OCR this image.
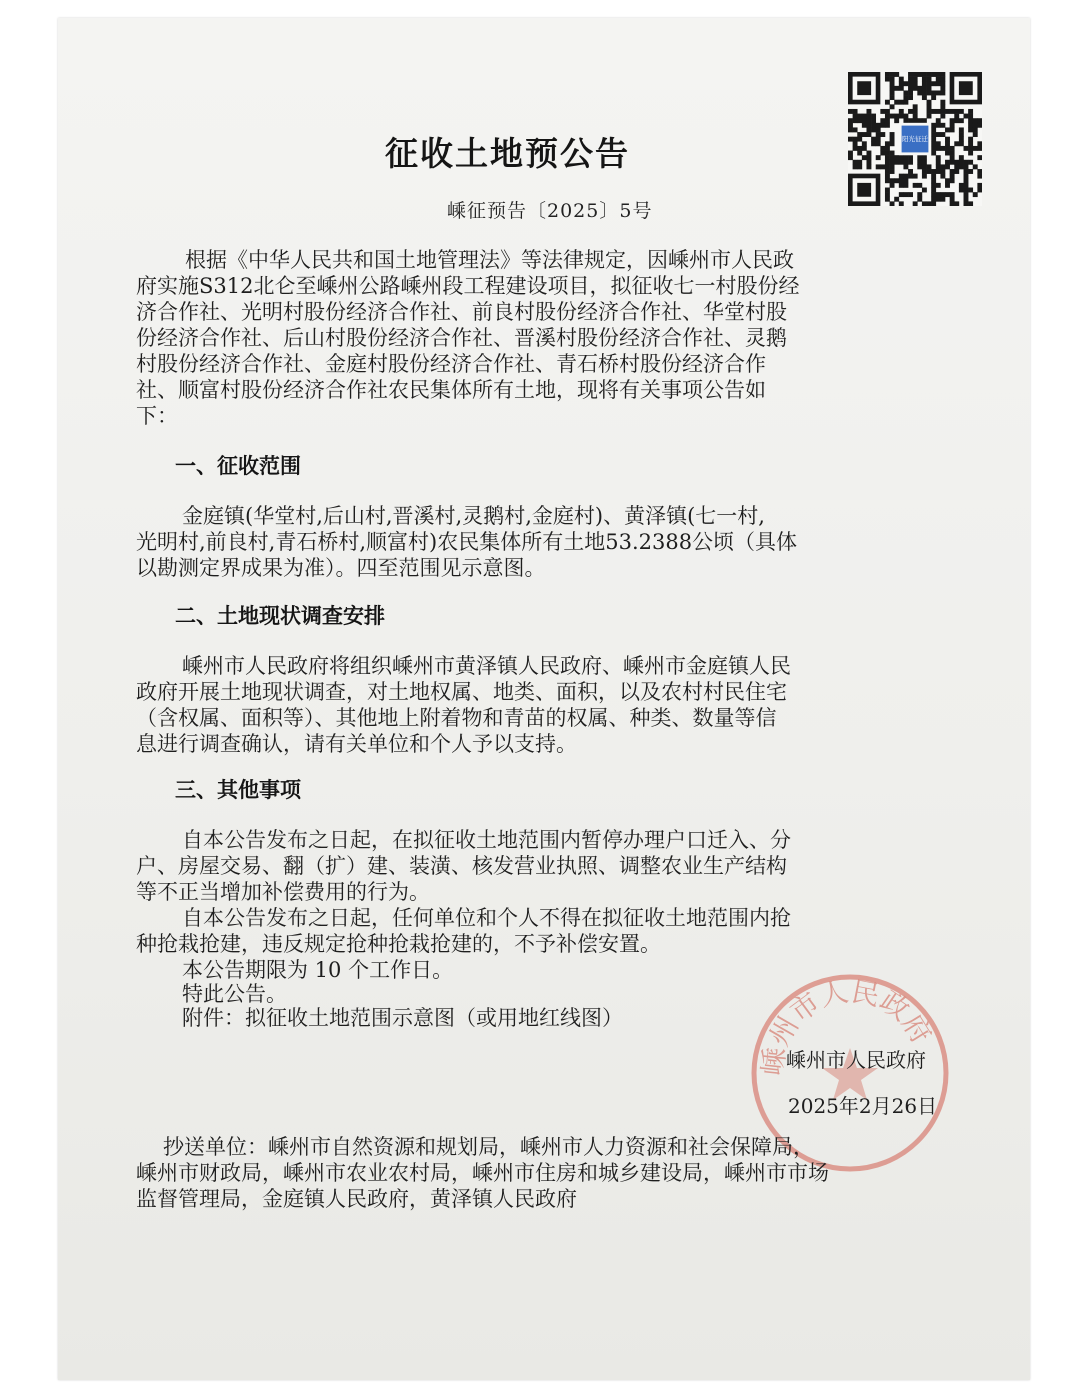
阳光征迁
征收土地预公告
嵊征预告〔2025〕5号
根据《中华人民共和国土地管理法》等法律规定，因嵊州市人民政
府实施S312北仑至嵊州公路嵊州段工程建设项目，拟征收七一村股份经
济合作社、光明村股份经济合作社、前良村股份经济合作社、华堂村股
份经济合作社、后山村股份经济合作社、晋溪村股份经济合作社、灵鹅
村股份经济合作社、金庭村股份经济合作社、青石桥村股份经济合作
社、顺富村股份经济合作社农民集体所有土地，现将有关事项公告如
下：
一、征收范围
金庭镇(华堂村,后山村,晋溪村,灵鹅村,金庭村)、黄泽镇(七一村,
光明村,前良村,青石桥村,顺富村)农民集体所有土地53.2388公顷（具体
以勘测定界成果为准）。四至范围见示意图。
二、土地现状调查安排
嵊州市人民政府将组织嵊州市黄泽镇人民政府、嵊州市金庭镇人民
政府开展土地现状调查，对土地权属、地类、面积，以及农村村民住宅
（含权属、面积等）、其他地上附着物和青苗的权属、种类、数量等信
息进行调查确认，请有关单位和个人予以支持。
三、其他事项
自本公告发布之日起，在拟征收土地范围内暂停办理户口迁入、分
户、房屋交易、翻（扩）建、装潢、核发营业执照、调整农业生产结构
等不正当增加补偿费用的行为。
自本公告发布之日起，任何单位和个人不得在拟征收土地范围内抢
种抢栽抢建，违反规定抢种抢栽抢建的，不予补偿安置。
本公告期限为 10 个工作日。
特此公告。
附件：拟征收土地范围示意图（或用地红线图）
嵊州市人民政府
嵊州市人民政府
2025年2月26日
抄送单位：嵊州市自然资源和规划局，嵊州市人力资源和社会保障局，
嵊州市财政局，嵊州市农业农村局，嵊州市住房和城乡建设局，嵊州市市场
监督管理局，金庭镇人民政府，黄泽镇人民政府
